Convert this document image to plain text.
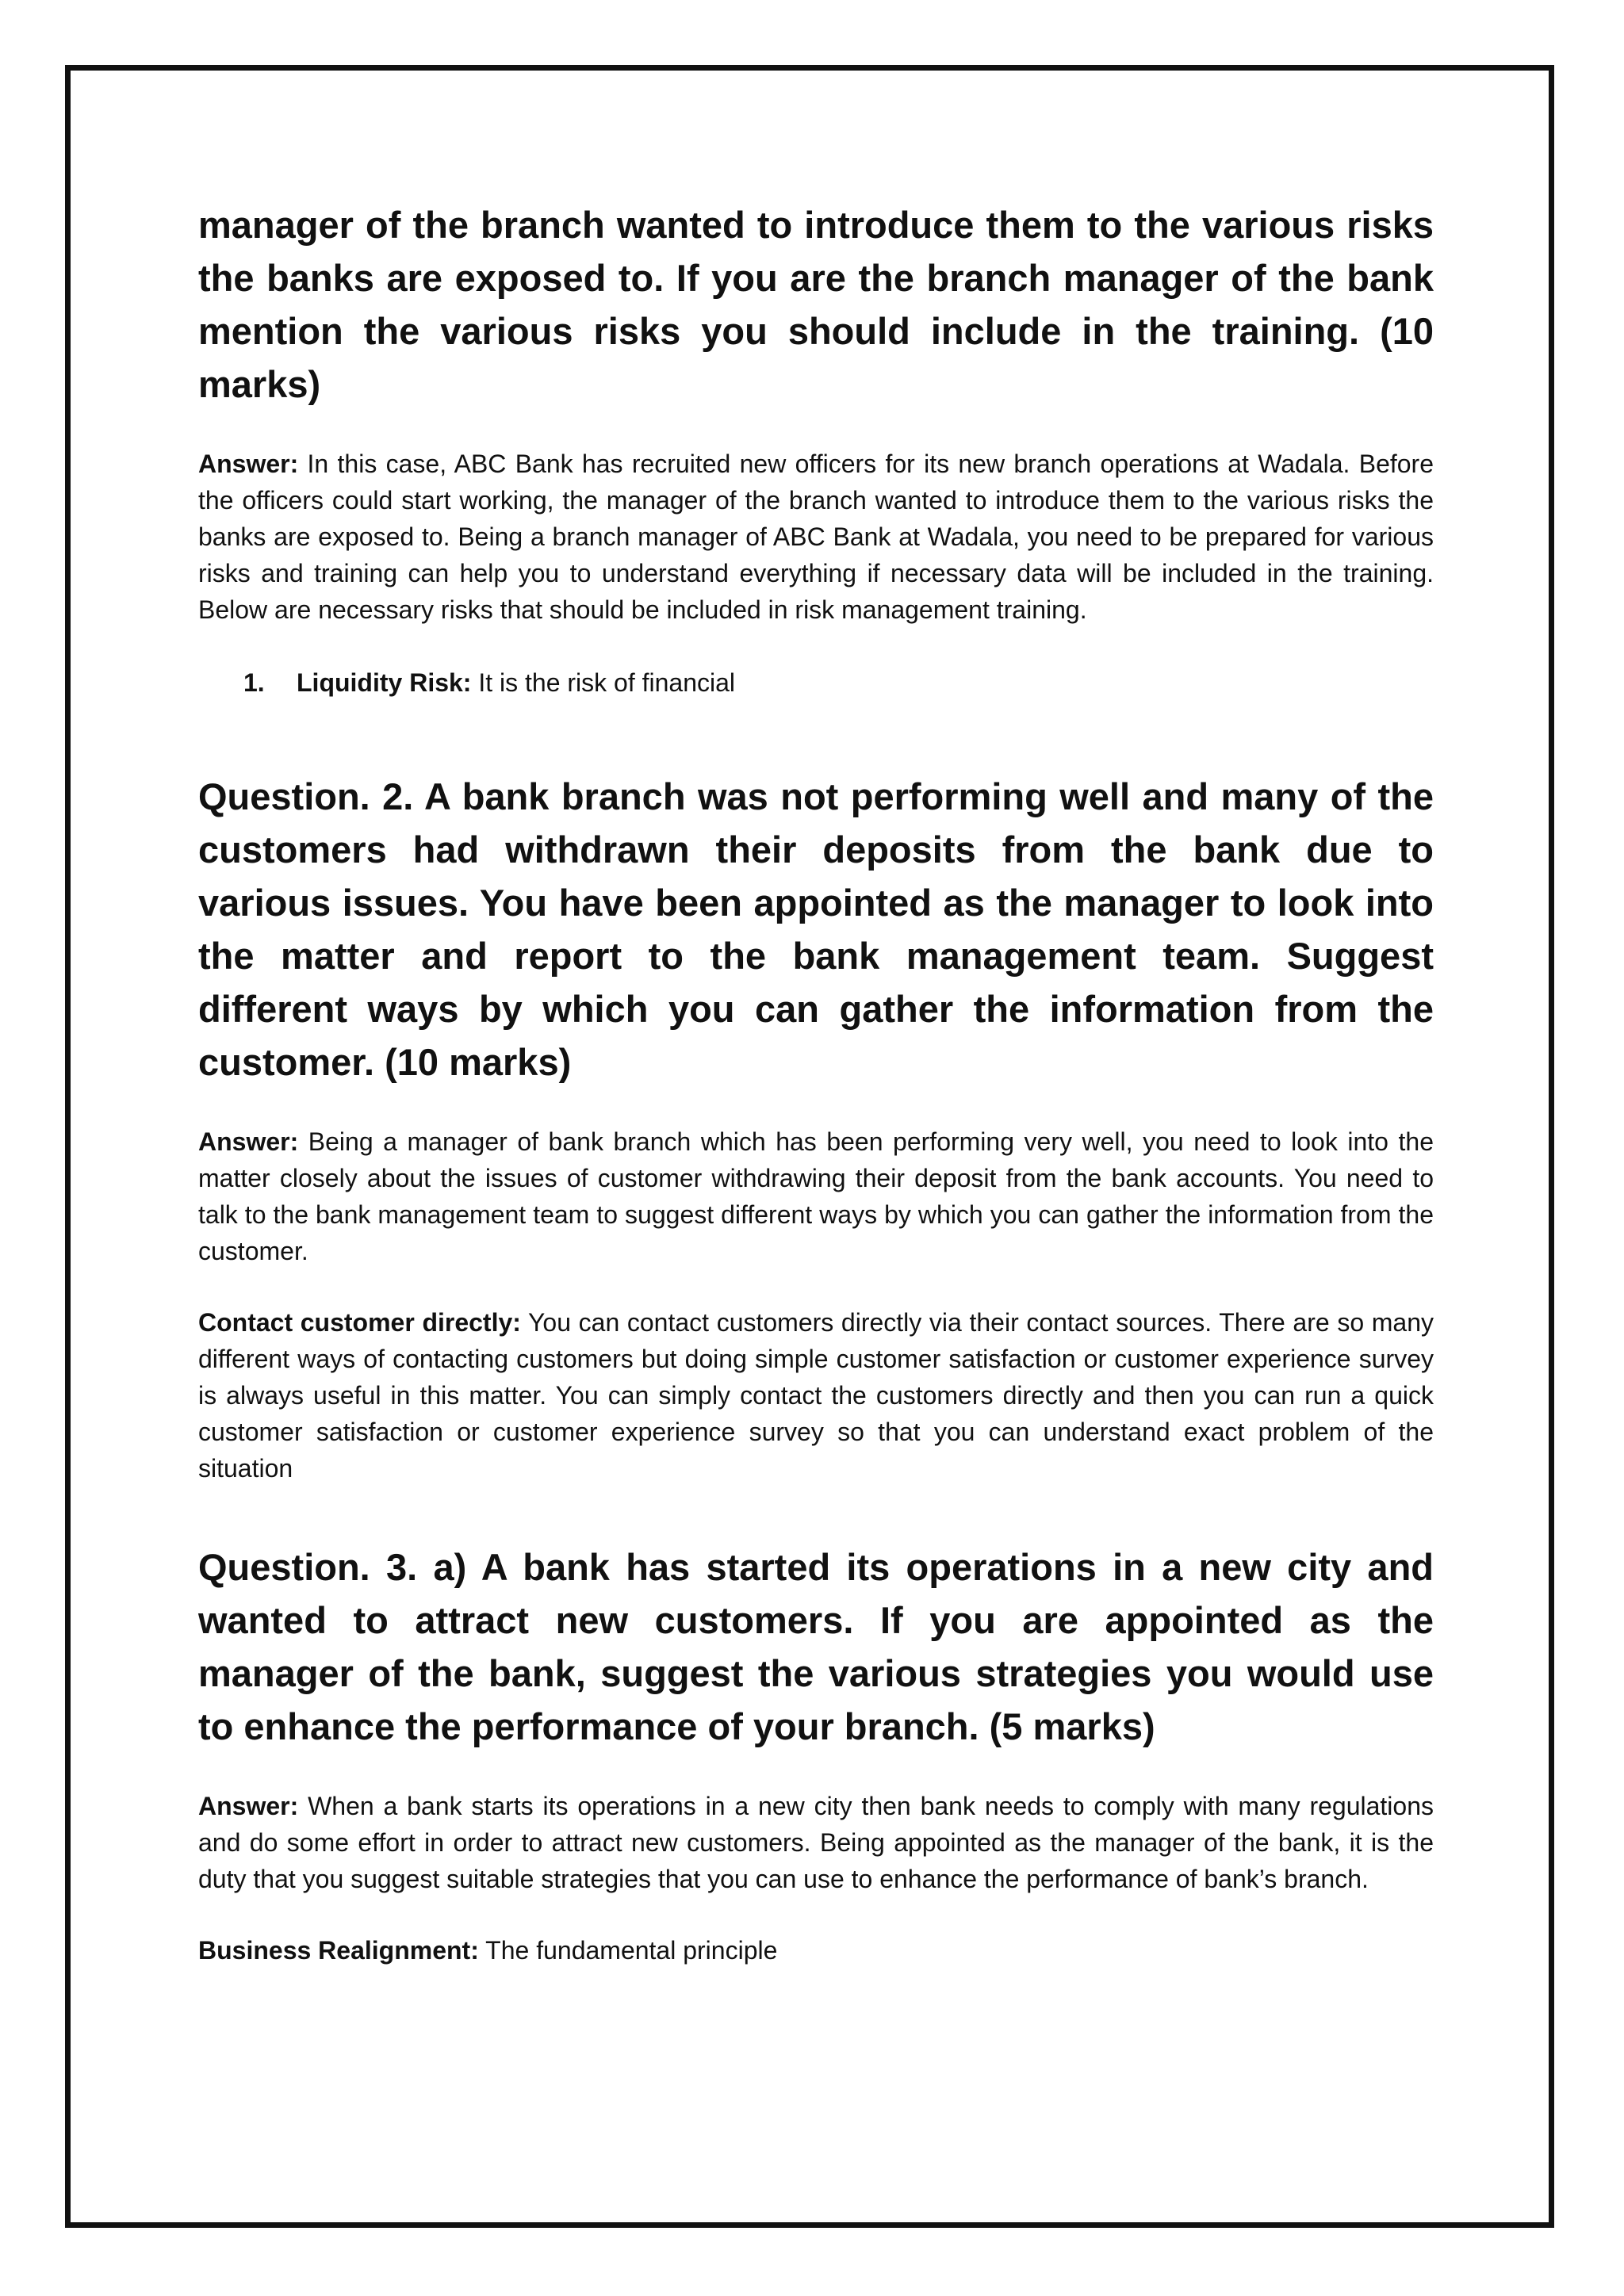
manager of the branch wanted to introduce them to the various risks the banks are exposed to. If you are the branch manager of the bank mention the various risks you should include in the training. (10 marks)

Answer: In this case, ABC Bank has recruited new officers for its new branch operations at Wadala. Before the officers could start working, the manager of the branch wanted to introduce them to the various risks the banks are exposed to. Being a branch manager of ABC Bank at Wadala, you need to be prepared for various risks and training can help you to understand everything if necessary data will be included in the training. Below are necessary risks that should be included in risk management training.

1. Liquidity Risk: It is the risk of financial

Question. 2. A bank branch was not performing well and many of the customers had withdrawn their deposits from the bank due to various issues. You have been appointed as the manager to look into the matter and report to the bank management team. Suggest different ways by which you can gather the information from the customer. (10 marks)

Answer: Being a manager of bank branch which has been performing very well, you need to look into the matter closely about the issues of customer withdrawing their deposit from the bank accounts. You need to talk to the bank management team to suggest different ways by which you can gather the information from the customer.

Contact customer directly: You can contact customers directly via their contact sources. There are so many different ways of contacting customers but doing simple customer satisfaction or customer experience survey is always useful in this matter. You can simply contact the customers directly and then you can run a quick customer satisfaction or customer experience survey so that you can understand exact problem of the situation

Question. 3. a) A bank has started its operations in a new city and wanted to attract new customers. If you are appointed as the manager of the bank, suggest the various strategies you would use to enhance the performance of your branch. (5 marks)

Answer: When a bank starts its operations in a new city then bank needs to comply with many regulations and do some effort in order to attract new customers. Being appointed as the manager of the bank, it is the duty that you suggest suitable strategies that you can use to enhance the performance of bank’s branch.

Business Realignment: The fundamental principle
